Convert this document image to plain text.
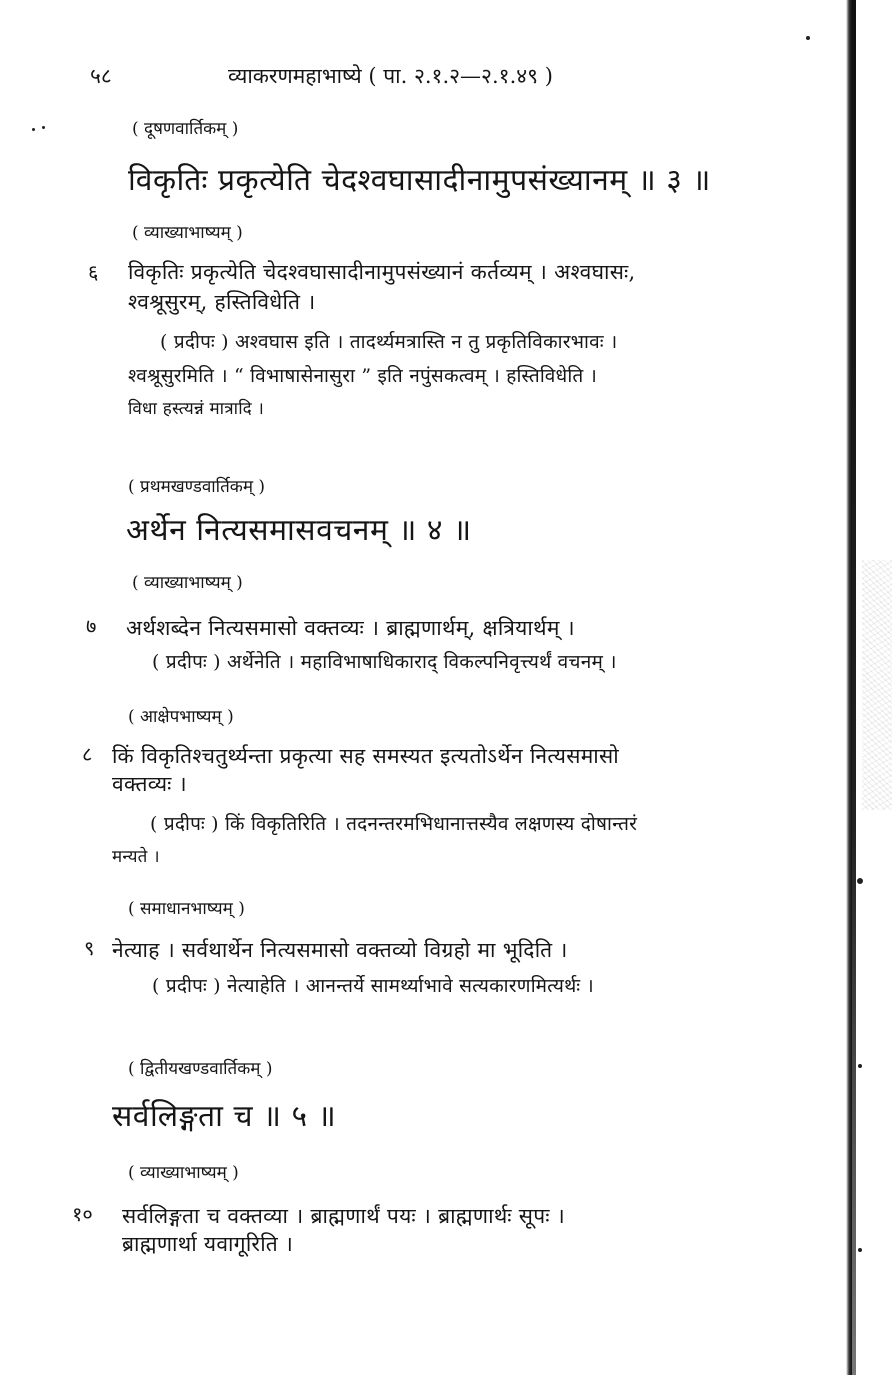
५८	व्याकरणमहाभाष्ये ( पा. २.१.२—२.१.४९ )
( दूषणवार्तिकम् )
विकृतिः प्रकृत्येति चेदश्वघासादीनामुपसंख्यानम् ॥ ३ ॥
( व्याख्याभाष्यम् )
६ विकृतिः प्रकृत्येति चेदश्वघासादीनामुपसंख्यानं कर्तव्यम् । अश्वघासः,
श्वश्रूसुरम्, हस्तिविधेति ।
( प्रदीपः ) अश्वघास इति । तादर्थ्यमत्रास्ति न तु प्रकृतिविकारभावः ।
श्वश्रूसुरमिति । “ विभाषासेनासुरा ” इति नपुंसकत्वम् । हस्तिविधेति ।
विधा हस्त्यन्नं मात्रादि ।
( प्रथमखण्डवार्तिकम् )
अर्थेन नित्यसमासवचनम् ॥ ४ ॥
( व्याख्याभाष्यम् )
७ अर्थशब्देन नित्यसमासो वक्तव्यः । ब्राह्मणार्थम्, क्षत्रियार्थम् ।
( प्रदीपः ) अर्थेनेति । महाविभाषाधिकाराद् विकल्पनिवृत्त्यर्थं वचनम् ।
( आक्षेपभाष्यम् )
८ किं विकृतिश्चतुर्थ्यन्ता प्रकृत्या सह समस्यत इत्यतोऽर्थेन नित्यसमासो
वक्तव्यः ।
( प्रदीपः ) किं विकृतिरिति । तदनन्तरमभिधानात्तस्यैव लक्षणस्य दोषान्तरं
मन्यते ।
( समाधानभाष्यम् )
९ नेत्याह । सर्वथार्थेन नित्यसमासो वक्तव्यो विग्रहो मा भूदिति ।
( प्रदीपः ) नेत्याहेति । आनन्तर्ये सामर्थ्याभावे सत्यकारणमित्यर्थः ।
( द्वितीयखण्डवार्तिकम् )
सर्वलिङ्गता च ॥ ५ ॥
( व्याख्याभाष्यम् )
१० सर्वलिङ्गता च वक्तव्या । ब्राह्मणार्थं पयः । ब्राह्मणार्थः सूपः ।
ब्राह्मणार्था यवागूरिति ।
